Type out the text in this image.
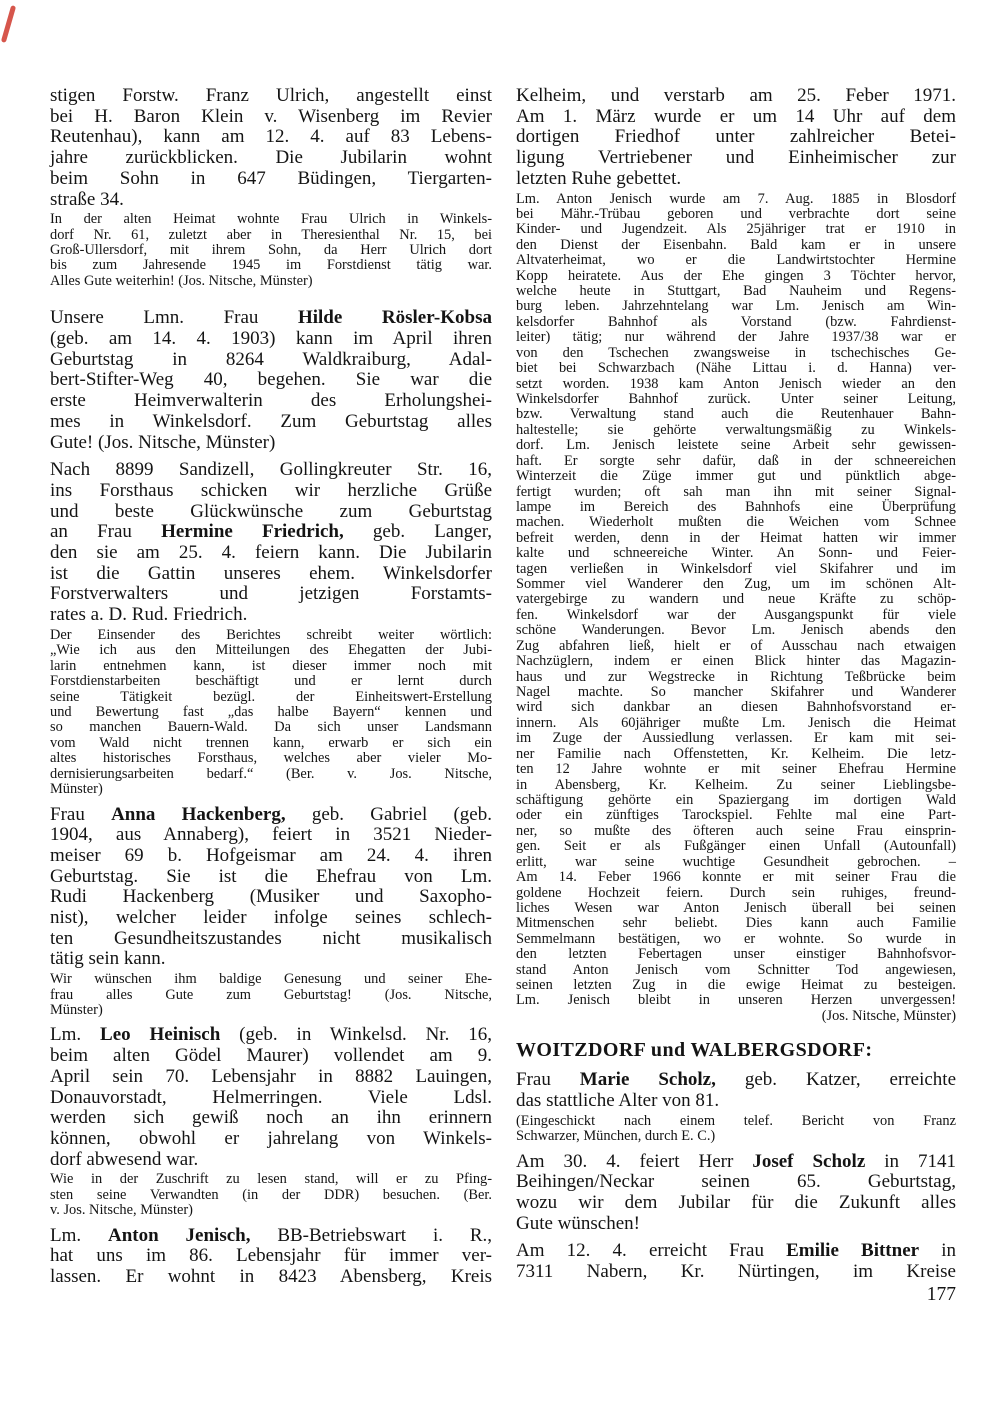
stigen Forstw. Franz Ulrich, angestellt einst
bei H. Baron Klein v. Wisenberg im Revier
Reutenhau), kann am 12. 4. auf 83 Lebens-
jahre zurückblicken. Die Jubilarin wohnt
beim Sohn in 647 Büdingen, Tiergarten-
straße 34.
In der alten Heimat wohnte Frau Ulrich in Winkels-
dorf Nr. 61, zuletzt aber in Theresienthal Nr. 15, bei
Groß-Ullersdorf, mit ihrem Sohn, da Herr Ulrich dort
bis zum Jahresende 1945 im Forstdienst tätig war.
Alles Gute weiterhin! (Jos. Nitsche, Münster)
Unsere Lmn. Frau Hilde Rösler-Kobsa
(geb. am 14. 4. 1903) kann im April ihren
Geburtstag in 8264 Waldkraiburg, Adal-
bert-Stifter-Weg 40, begehen. Sie war die
erste Heimverwalterin des Erholungshei-
mes in Winkelsdorf. Zum Geburtstag alles
Gute! (Jos. Nitsche, Münster)
Nach 8899 Sandizell, Gollingkreuter Str. 16,
ins Forsthaus schicken wir herzliche Grüße
und beste Glückwünsche zum Geburtstag
an Frau Hermine Friedrich, geb. Langer,
den sie am 25. 4. feiern kann. Die Jubilarin
ist die Gattin unseres ehem. Winkelsdorfer
Forstverwalters und jetzigen Forstamts-
rates a. D. Rud. Friedrich.
Der Einsender des Berichtes schreibt weiter wörtlich:
„Wie ich aus den Mitteilungen des Ehegatten der Jubi-
larin entnehmen kann, ist dieser immer noch mit
Forstdienstarbeiten beschäftigt und er lernt durch
seine Tätigkeit bezügl. der Einheitswert-Erstellung
und Bewertung fast „das halbe Bayern“ kennen und
so manchen Bauern-Wald. Da sich unser Landsmann
vom Wald nicht trennen kann, erwarb er sich ein
altes historisches Forsthaus, welches aber vieler Mo-
dernisierungsarbeiten bedarf.“ (Ber. v. Jos. Nitsche,
Münster)
Frau Anna Hackenberg, geb. Gabriel (geb.
1904, aus Annaberg), feiert in 3521 Nieder-
meiser 69 b. Hofgeismar am 24. 4. ihren
Geburtstag. Sie ist die Ehefrau von Lm.
Rudi Hackenberg (Musiker und Saxopho-
nist), welcher leider infolge seines schlech-
ten Gesundheitszustandes nicht musikalisch
tätig sein kann.
Wir wünschen ihm baldige Genesung und seiner Ehe-
frau alles Gute zum Geburtstag! (Jos. Nitsche,
Münster)
Lm. Leo Heinisch (geb. in Winkelsd. Nr. 16,
beim alten Gödel Maurer) vollendet am 9.
April sein 70. Lebensjahr in 8882 Lauingen,
Donauvorstadt, Helmerringen. Viele Ldsl.
werden sich gewiß noch an ihn erinnern
können, obwohl er jahrelang von Winkels-
dorf abwesend war.
Wie in der Zuschrift zu lesen stand, will er zu Pfing-
sten seine Verwandten (in der DDR) besuchen. (Ber.
v. Jos. Nitsche, Münster)
Lm. Anton Jenisch, BB-Betriebswart i. R.,
hat uns im 86. Lebensjahr für immer ver-
lassen. Er wohnt in 8423 Abensberg, Kreis
Kelheim, und verstarb am 25. Feber 1971.
Am 1. März wurde er um 14 Uhr auf dem
dortigen Friedhof unter zahlreicher Betei-
ligung Vertriebener und Einheimischer zur
letzten Ruhe gebettet.
Lm. Anton Jenisch wurde am 7. Aug. 1885 in Blosdorf
bei Mähr.-Trübau geboren und verbrachte dort seine
Kinder- und Jugendzeit. Als 25jähriger trat er 1910 in
den Dienst der Eisenbahn. Bald kam er in unsere
Altvaterheimat, wo er die Landwirtstochter Hermine
Kopp heiratete. Aus der Ehe gingen 3 Töchter hervor,
welche heute in Stuttgart, Bad Nauheim und Regens-
burg leben. Jahrzehntelang war Lm. Jenisch am Win-
kelsdorfer Bahnhof als Vorstand (bzw. Fahrdienst-
leiter) tätig; nur während der Jahre 1937/38 war er
von den Tschechen zwangsweise in tschechisches Ge-
biet bei Schwarzbach (Nähe Littau i. d. Hanna) ver-
setzt worden. 1938 kam Anton Jenisch wieder an den
Winkelsdorfer Bahnhof zurück. Unter seiner Leitung,
bzw. Verwaltung stand auch die Reutenhauer Bahn-
haltestelle; sie gehörte verwaltungsmäßig zu Winkels-
dorf. Lm. Jenisch leistete seine Arbeit sehr gewissen-
haft. Er sorgte sehr dafür, daß in der schneereichen
Winterzeit die Züge immer gut und pünktlich abge-
fertigt wurden; oft sah man ihn mit seiner Signal-
lampe im Bereich des Bahnhofs eine Überprüfung
machen. Wiederholt mußten die Weichen vom Schnee
befreit werden, denn in der Heimat hatten wir immer
kalte und schneereiche Winter. An Sonn- und Feier-
tagen verließen in Winkelsdorf viel Skifahrer und im
Sommer viel Wanderer den Zug, um im schönen Alt-
vatergebirge zu wandern und neue Kräfte zu schöp-
fen. Winkelsdorf war der Ausgangspunkt für viele
schöne Wanderungen. Bevor Lm. Jenisch abends den
Zug abfahren ließ, hielt er of Ausschau nach etwaigen
Nachzüglern, indem er einen Blick hinter das Magazin-
haus und zur Wegstrecke in Richtung Teßbrücke beim
Nagel machte. So mancher Skifahrer und Wanderer
wird sich dankbar an diesen Bahnhofsvorstand er-
innern. Als 60jähriger mußte Lm. Jenisch die Heimat
im Zuge der Aussiedlung verlassen. Er kam mit sei-
ner Familie nach Offenstetten, Kr. Kelheim. Die letz-
ten 12 Jahre wohnte er mit seiner Ehefrau Hermine
in Abensberg, Kr. Kelheim. Zu seiner Lieblingsbe-
schäftigung gehörte ein Spaziergang im dortigen Wald
oder ein zünftiges Tarockspiel. Fehlte mal eine Part-
ner, so mußte des öfteren auch seine Frau einsprin-
gen. Seit er als Fußgänger einen Unfall (Autounfall)
erlitt, war seine wuchtige Gesundheit gebrochen. –
Am 14. Feber 1966 konnte er mit seiner Frau die
goldene Hochzeit feiern. Durch sein ruhiges, freund-
liches Wesen war Anton Jenisch überall bei seinen
Mitmenschen sehr beliebt. Dies kann auch Familie
Semmelmann bestätigen, wo er wohnte. So wurde in
den letzten Febertagen unser einstiger Bahnhofsvor-
stand Anton Jenisch vom Schnitter Tod angewiesen,
seinen letzten Zug in die ewige Heimat zu besteigen.
Lm. Jenisch bleibt in unseren Herzen unvergessen!
(Jos. Nitsche, Münster)
WOITZDORF und WALBERGSDORF:
Frau Marie Scholz, geb. Katzer, erreichte
das stattliche Alter von 81.
(Eingeschickt nach einem telef. Bericht von Franz
Schwarzer, München, durch E. C.)
Am 30. 4. feiert Herr Josef Scholz in 7141
Beihingen/Neckar seinen 65. Geburtstag,
wozu wir dem Jubilar für die Zukunft alles
Gute wünschen!
Am 12. 4. erreicht Frau Emilie Bittner in
7311 Nabern, Kr. Nürtingen, im Kreise
177
